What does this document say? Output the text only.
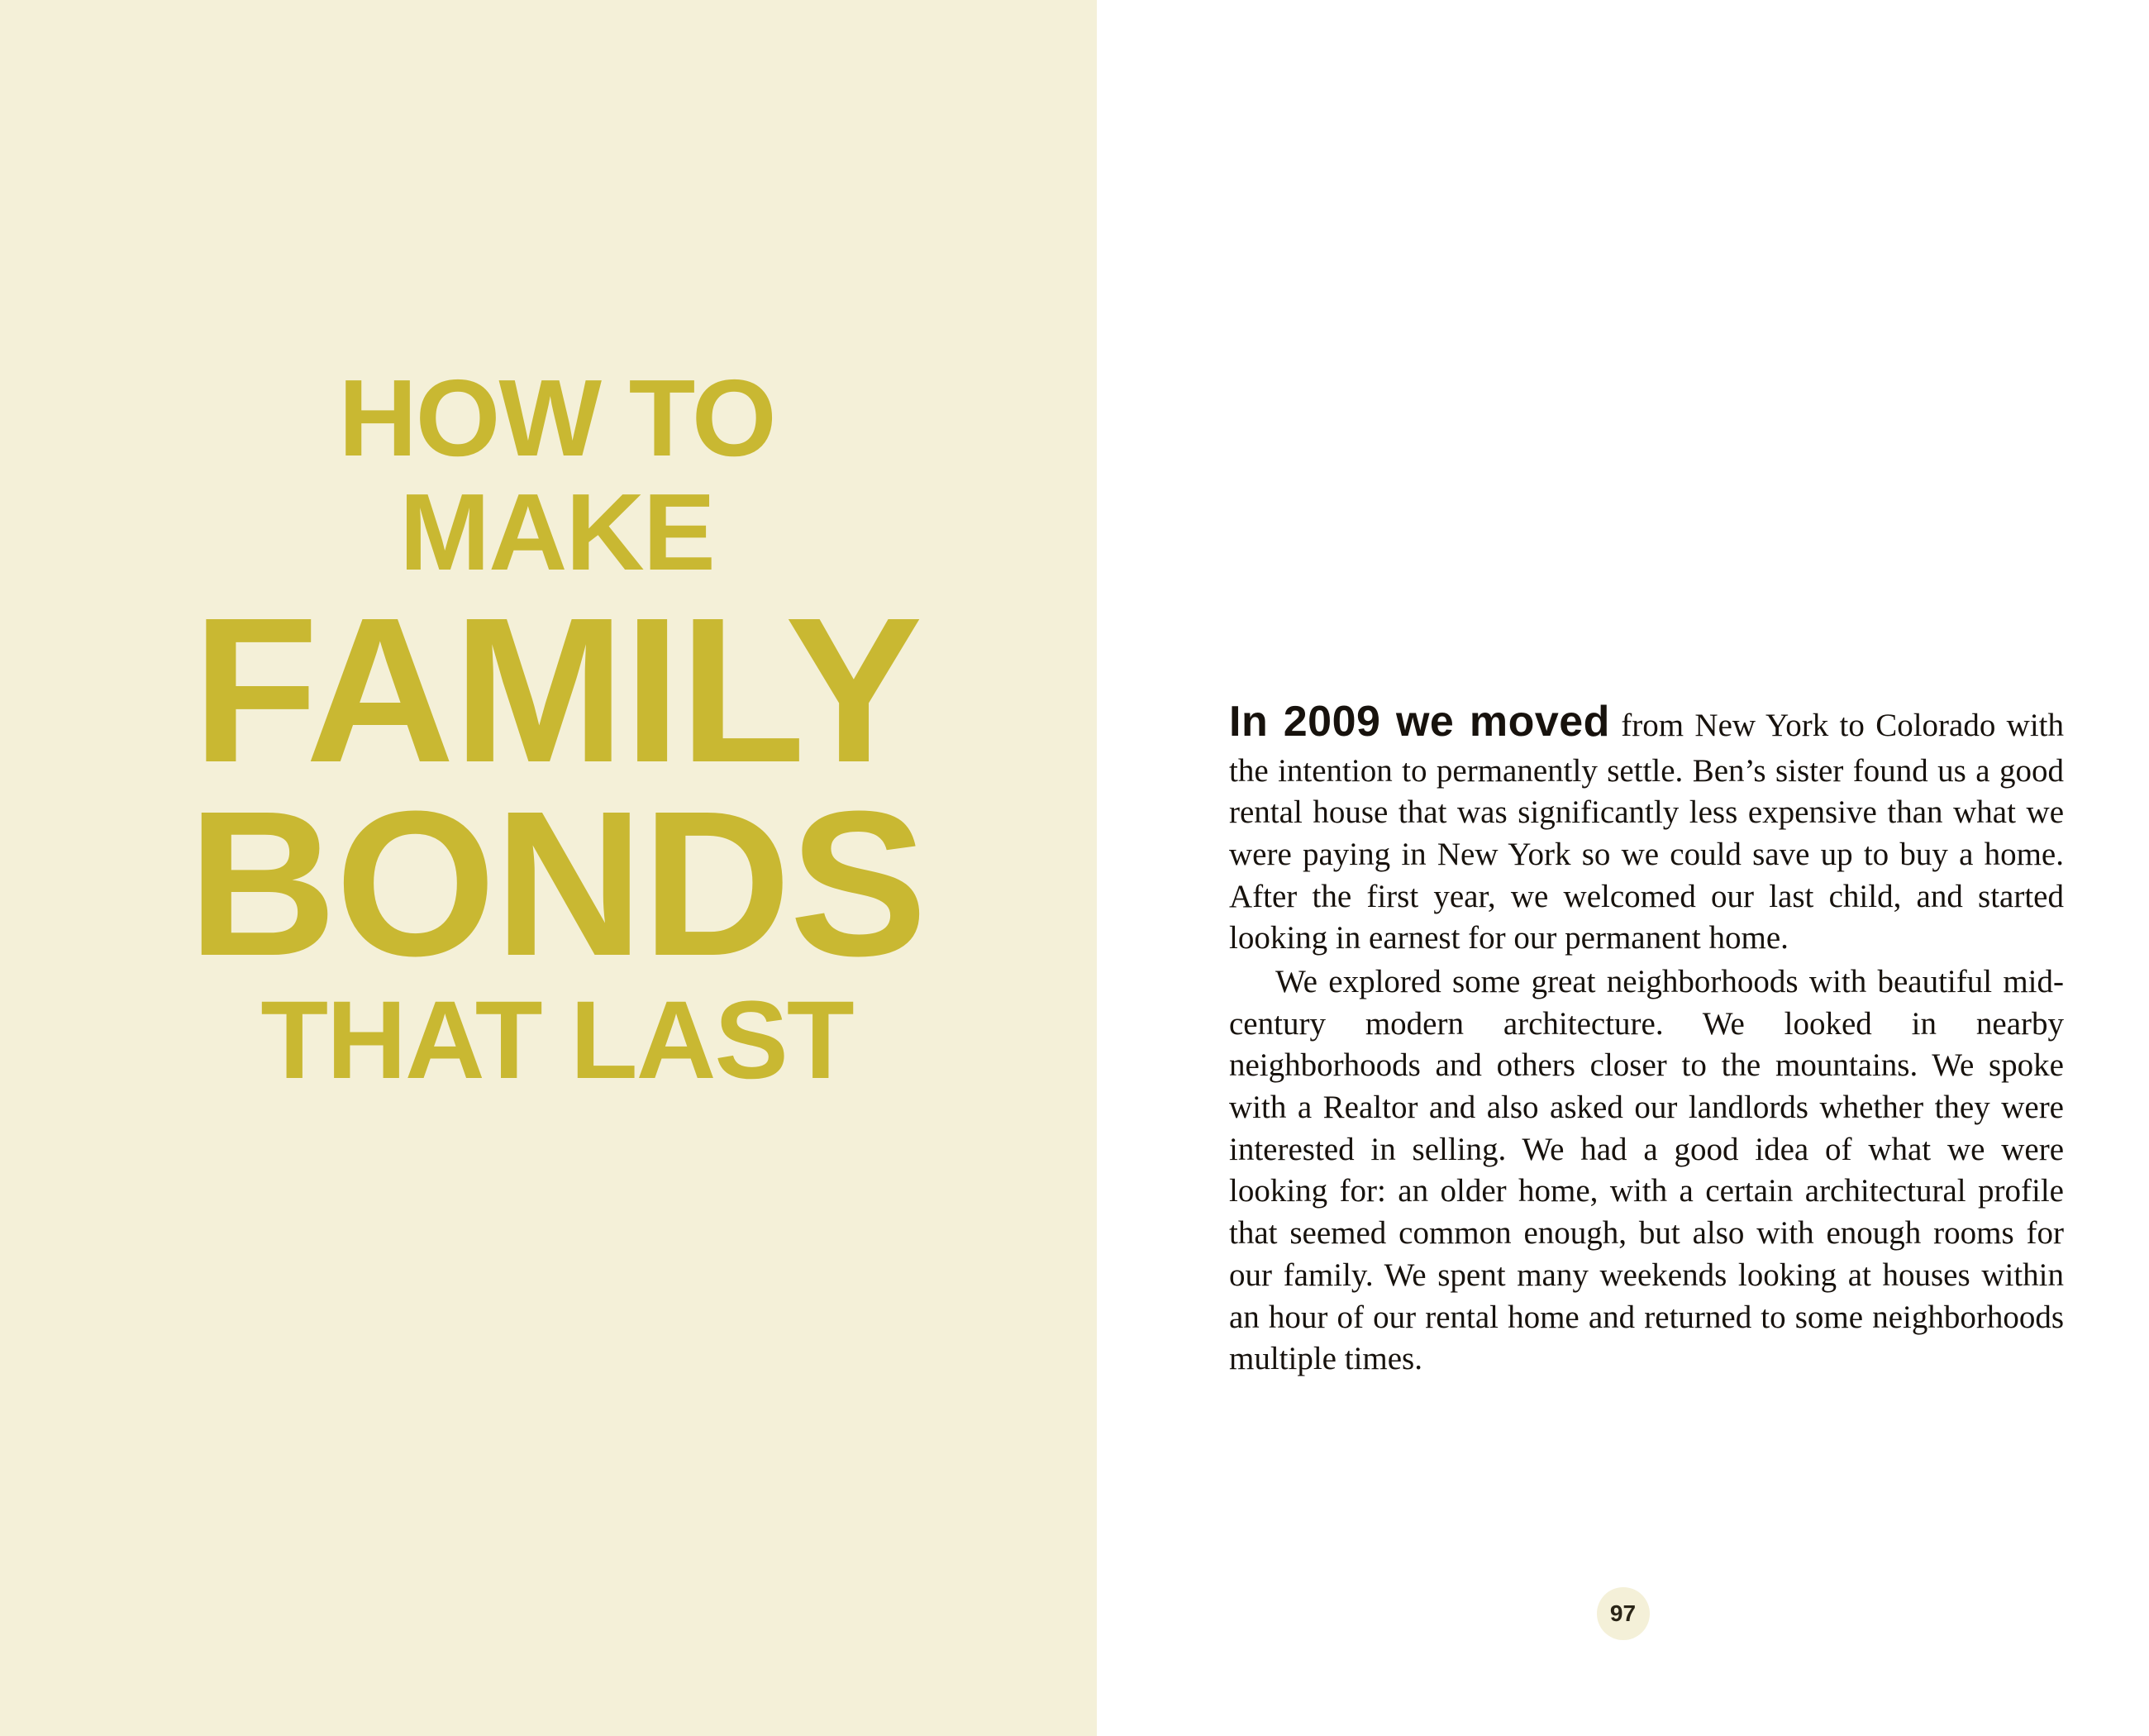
HOW TO
MAKE
FAMILY
BONDS
THAT LAST

In 2009 we moved from New York to Colorado with the intention to permanently settle. Ben’s sister found us a good rental house that was significantly less expensive than what we were paying in New York so we could save up to buy a home. After the first year, we welcomed our last child, and started looking in earnest for our permanent home.

We explored some great neighborhoods with beautiful mid-century modern architecture. We looked in nearby neighborhoods and others closer to the mountains. We spoke with a Realtor and also asked our landlords whether they were interested in selling. We had a good idea of what we were looking for: an older home, with a certain architectural profile that seemed common enough, but also with enough rooms for our family. We spent many weekends looking at houses within an hour of our rental home and returned to some neighborhoods multiple times.

97
